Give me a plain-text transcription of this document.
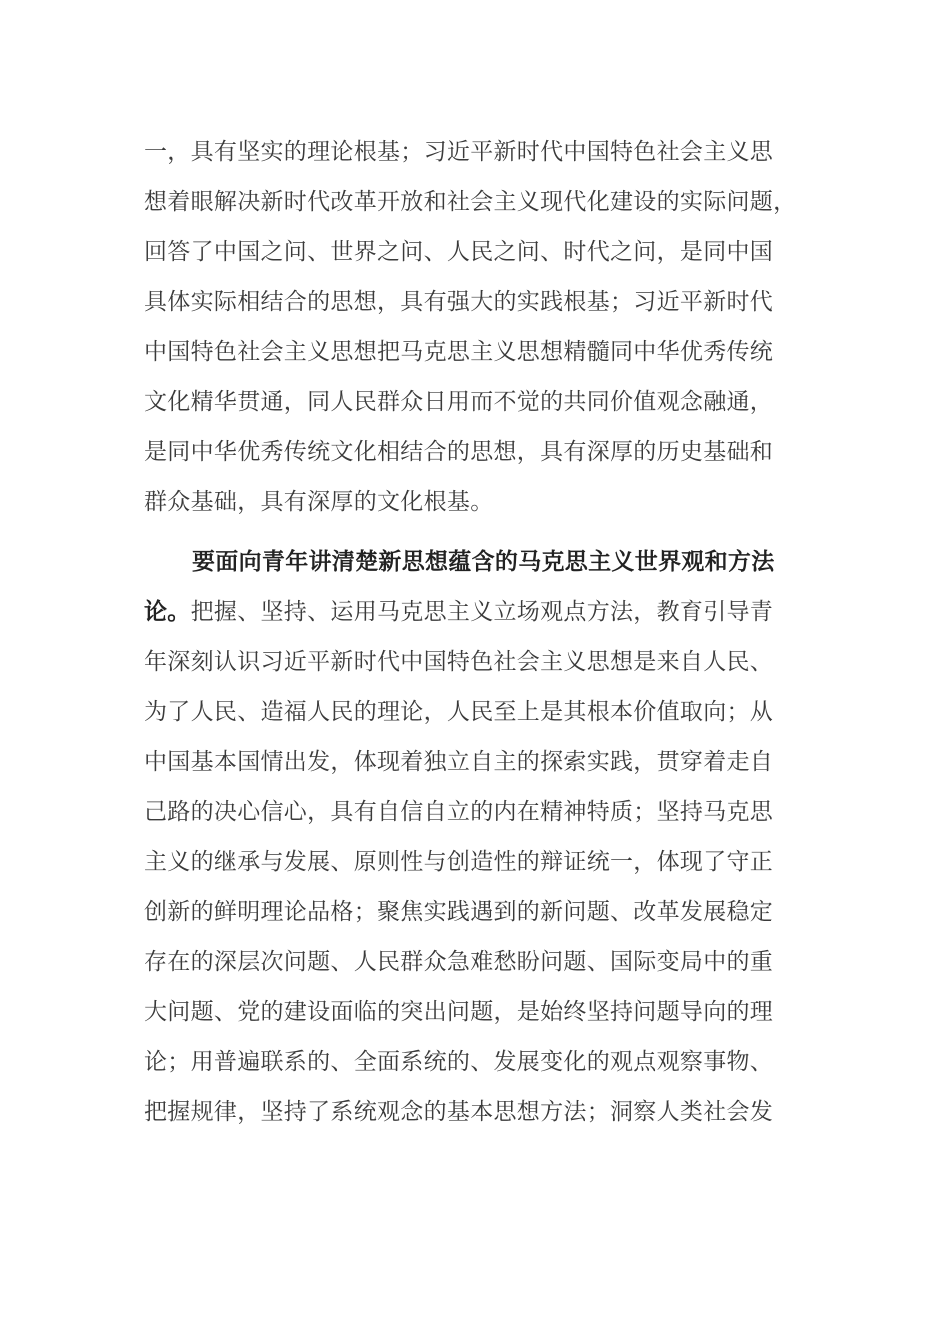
一，具有坚实的理论根基；习近平新时代中国特色社会主义思
想着眼解决新时代改革开放和社会主义现代化建设的实际问题，
回答了中国之问、世界之问、人民之问、时代之问，是同中国
具体实际相结合的思想，具有强大的实践根基；习近平新时代
中国特色社会主义思想把马克思主义思想精髓同中华优秀传统
文化精华贯通，同人民群众日用而不觉的共同价值观念融通，
是同中华优秀传统文化相结合的思想，具有深厚的历史基础和
群众基础，具有深厚的文化根基。
要面向青年讲清楚新思想蕴含的马克思主义世界观和方法
论。把握、坚持、运用马克思主义立场观点方法，教育引导青
年深刻认识习近平新时代中国特色社会主义思想是来自人民、
为了人民、造福人民的理论，人民至上是其根本价值取向；从
中国基本国情出发，体现着独立自主的探索实践，贯穿着走自
己路的决心信心，具有自信自立的内在精神特质；坚持马克思
主义的继承与发展、原则性与创造性的辩证统一，体现了守正
创新的鲜明理论品格；聚焦实践遇到的新问题、改革发展稳定
存在的深层次问题、人民群众急难愁盼问题、国际变局中的重
大问题、党的建设面临的突出问题，是始终坚持问题导向的理
论；用普遍联系的、全面系统的、发展变化的观点观察事物、
把握规律，坚持了系统观念的基本思想方法；洞察人类社会发
